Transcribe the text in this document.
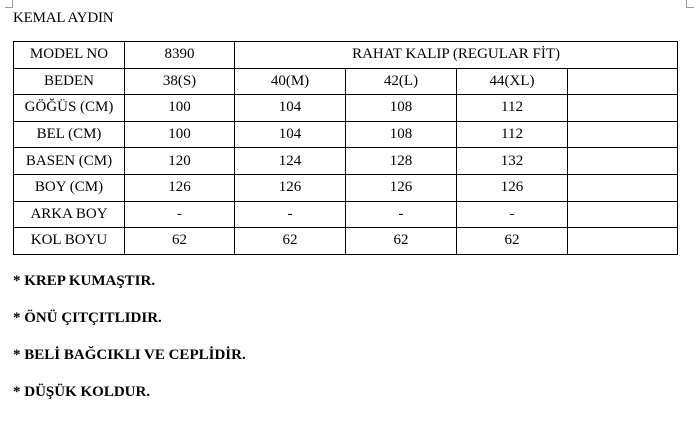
KEMAL AYDIN
MODEL NO	8390	RAHAT KALIP (REGULAR FİT)			
BEDEN	38(S)	40(M)	42(L)	44(XL)	
GÖĞÜS (CM)	100	104	108	112	
BEL (CM)	100	104	108	112	
BASEN (CM)	120	124	128	132	
BOY (CM)	126	126	126	126	
ARKA BOY	-	-	-	-	
KOL BOYU	62	62	62	62	
* KREP KUMAŞTIR.
* ÖNÜ ÇITÇITLIDIR.
* BELİ BAĞCIKLI VE CEPLİDİR.
* DÜŞÜK KOLDUR.
